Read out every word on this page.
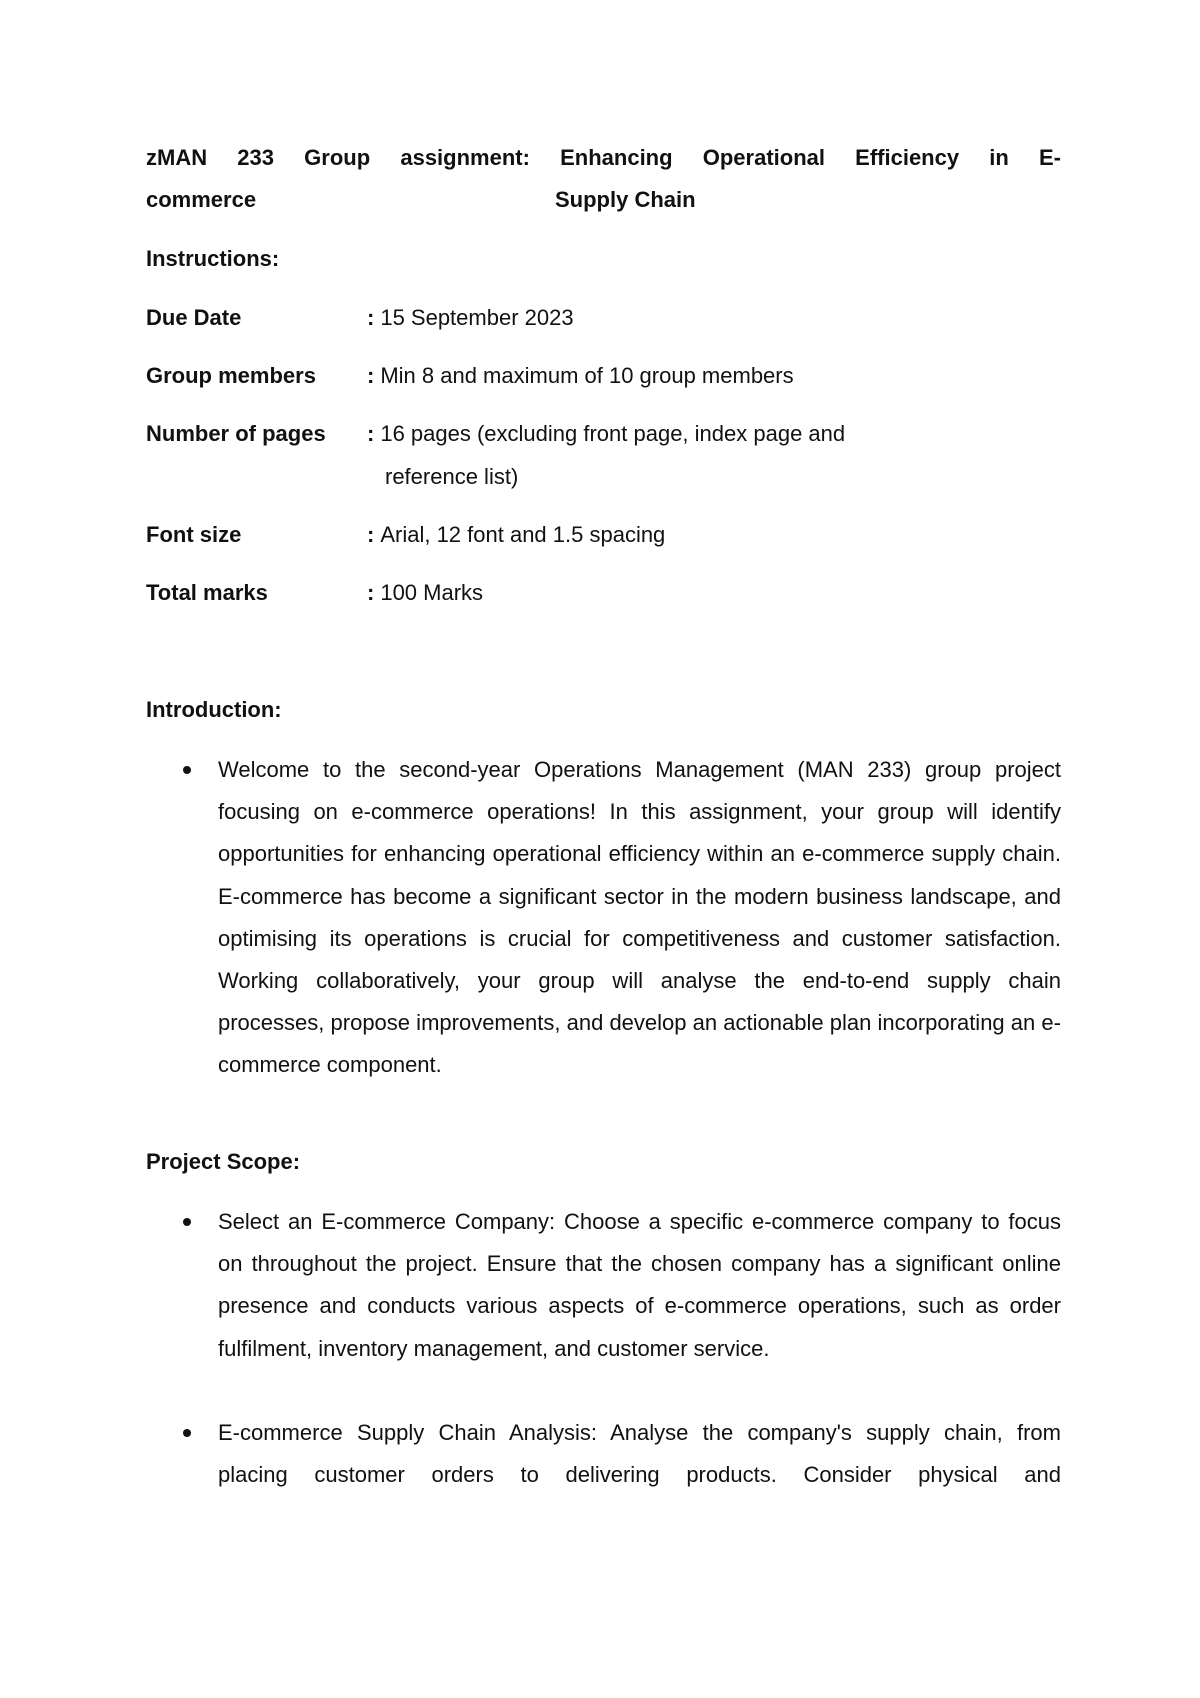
zMAN 233 Group assignment: Enhancing Operational Efficiency in E-
commerce	Supply Chain
Instructions:
Due Date	: 15 September 2023
Group members : Min 8 and maximum of 10 group members
Number of pages : 16 pages (excluding front page, index page and
reference list)
Font size	: Arial, 12 font and 1.5 spacing
Total marks	: 100 Marks
Introduction:
Welcome to the second-year Operations Management (MAN 233) group project focusing on e-commerce operations! In this assignment, your group will identify opportunities for enhancing operational efficiency within an e-commerce supply chain. E-commerce has become a significant sector in the modern business landscape, and optimising its operations is crucial for competitiveness and customer satisfaction. Working collaboratively, your group will analyse the end-to-end supply chain processes, propose improvements, and develop an actionable plan incorporating an e-commerce component.
Project Scope:
Select an E-commerce Company: Choose a specific e-commerce company to focus on throughout the project. Ensure that the chosen company has a significant online presence and conducts various aspects of e-commerce operations, such as order fulfilment, inventory management, and customer service.
E-commerce Supply Chain Analysis: Analyse the company's supply chain, from placing customer orders to delivering products. Consider physical and
